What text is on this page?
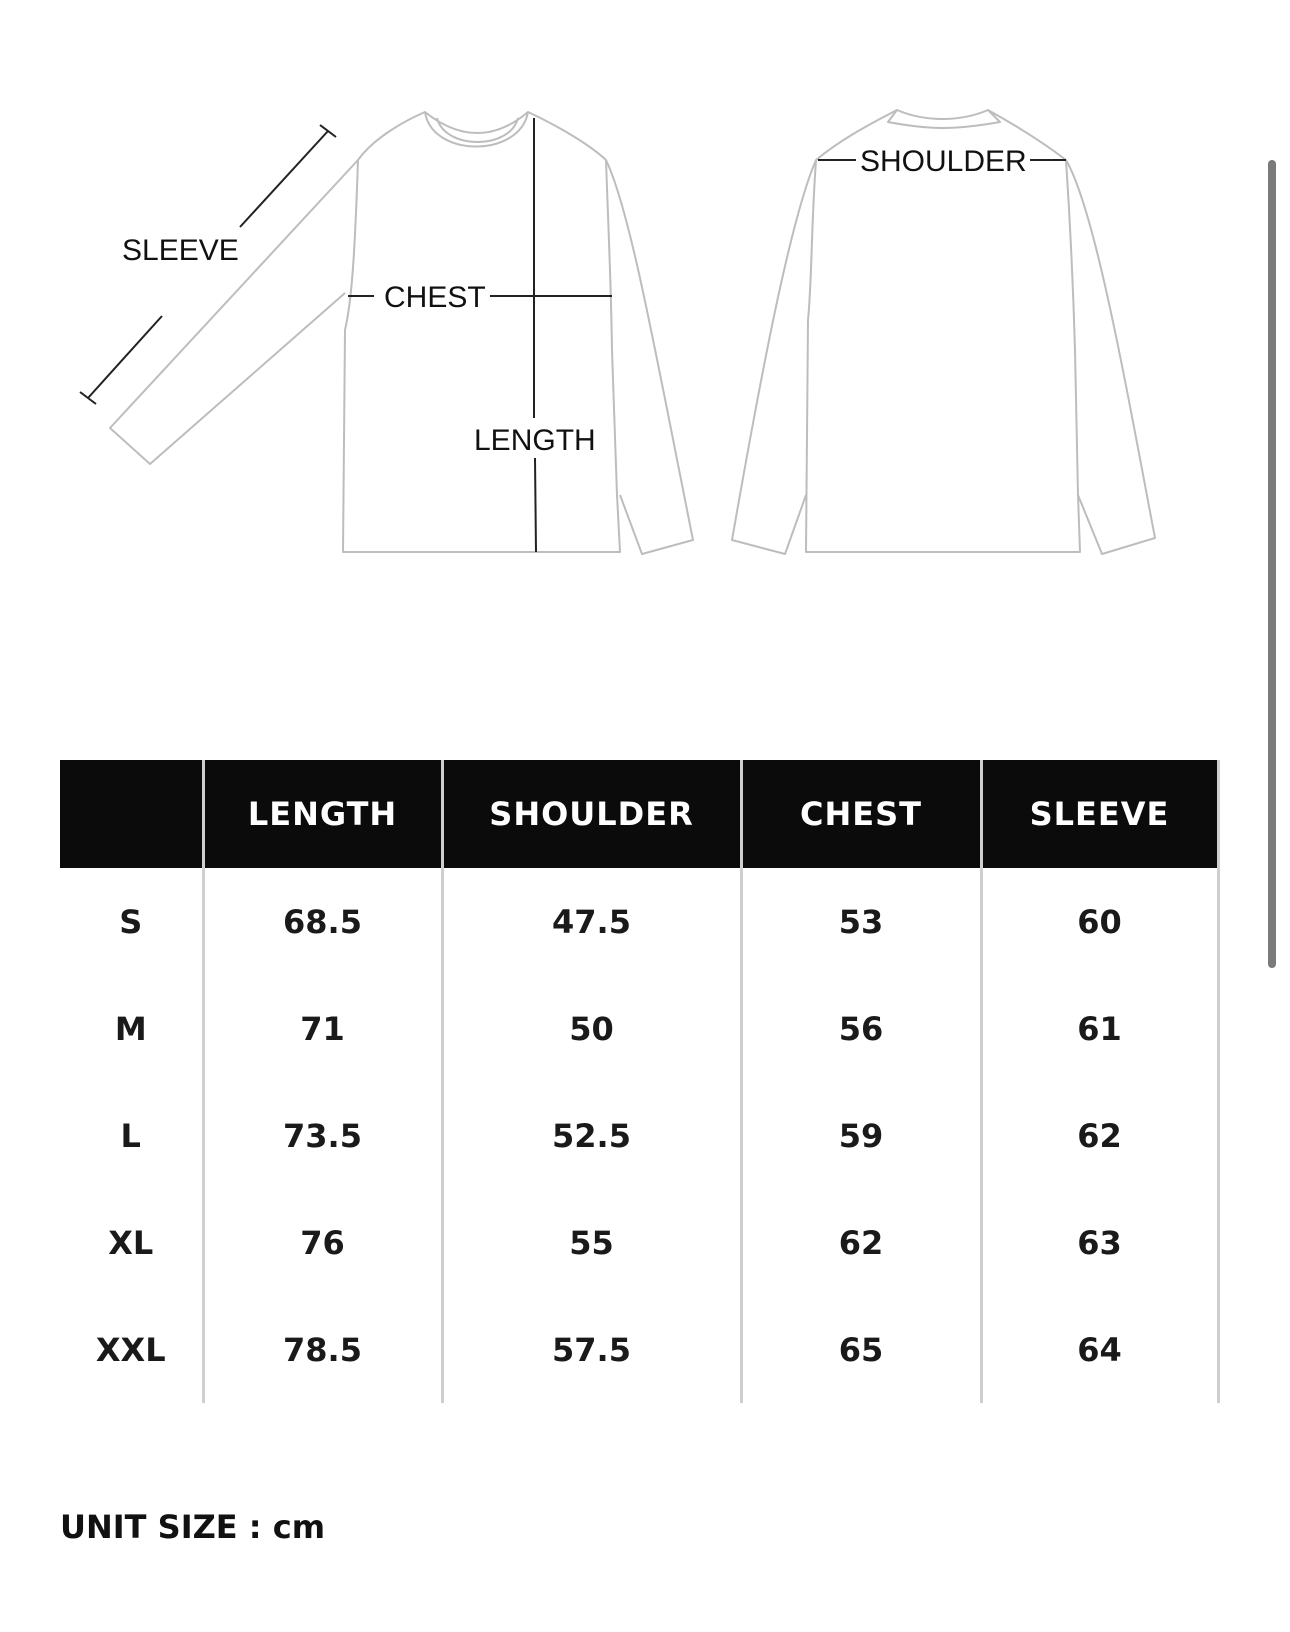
SLEEVE
CHEST
LENGTH
SHOULDER
	LENGTH	SHOULDER	CHEST	SLEEVE
S	68.5	47.5	53	60
M	71	50	56	61
L	73.5	52.5	59	62
XL	76	55	62	63
XXL	78.5	57.5	65	64
UNIT SIZE : cm
